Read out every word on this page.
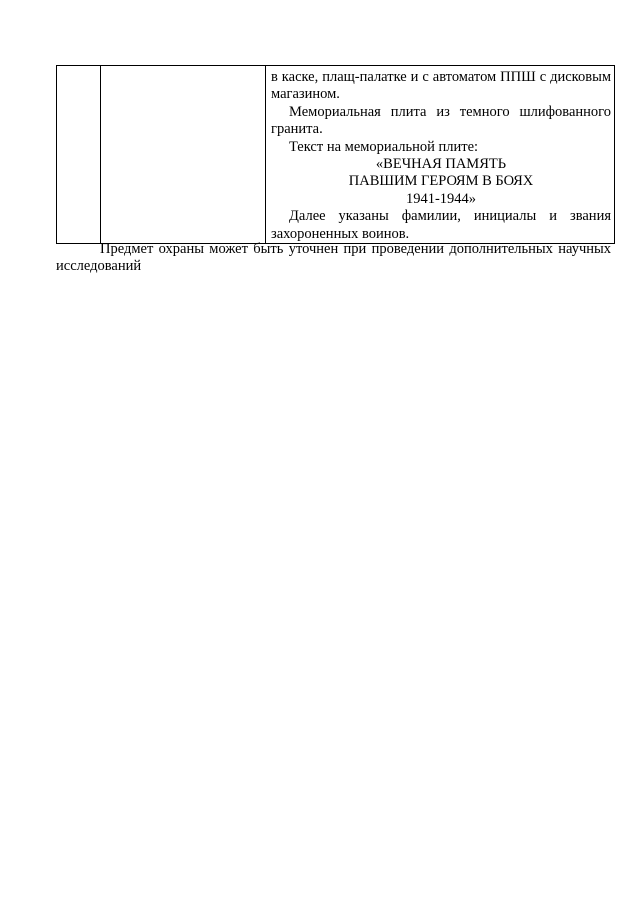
в каске, плащ-палатке и с автоматом ППШ с дисковым магазином.

Мемориальная плита из темного шлифованного гранита.

Текст на мемориальной плите:

«ВЕЧНАЯ ПАМЯТЬ

ПАВШИМ ГЕРОЯМ В БОЯХ

1941-1944»

Далее указаны фамилии, инициалы и звания захороненных воинов.

Предмет охраны может быть уточнен при проведении дополнительных научных исследований
